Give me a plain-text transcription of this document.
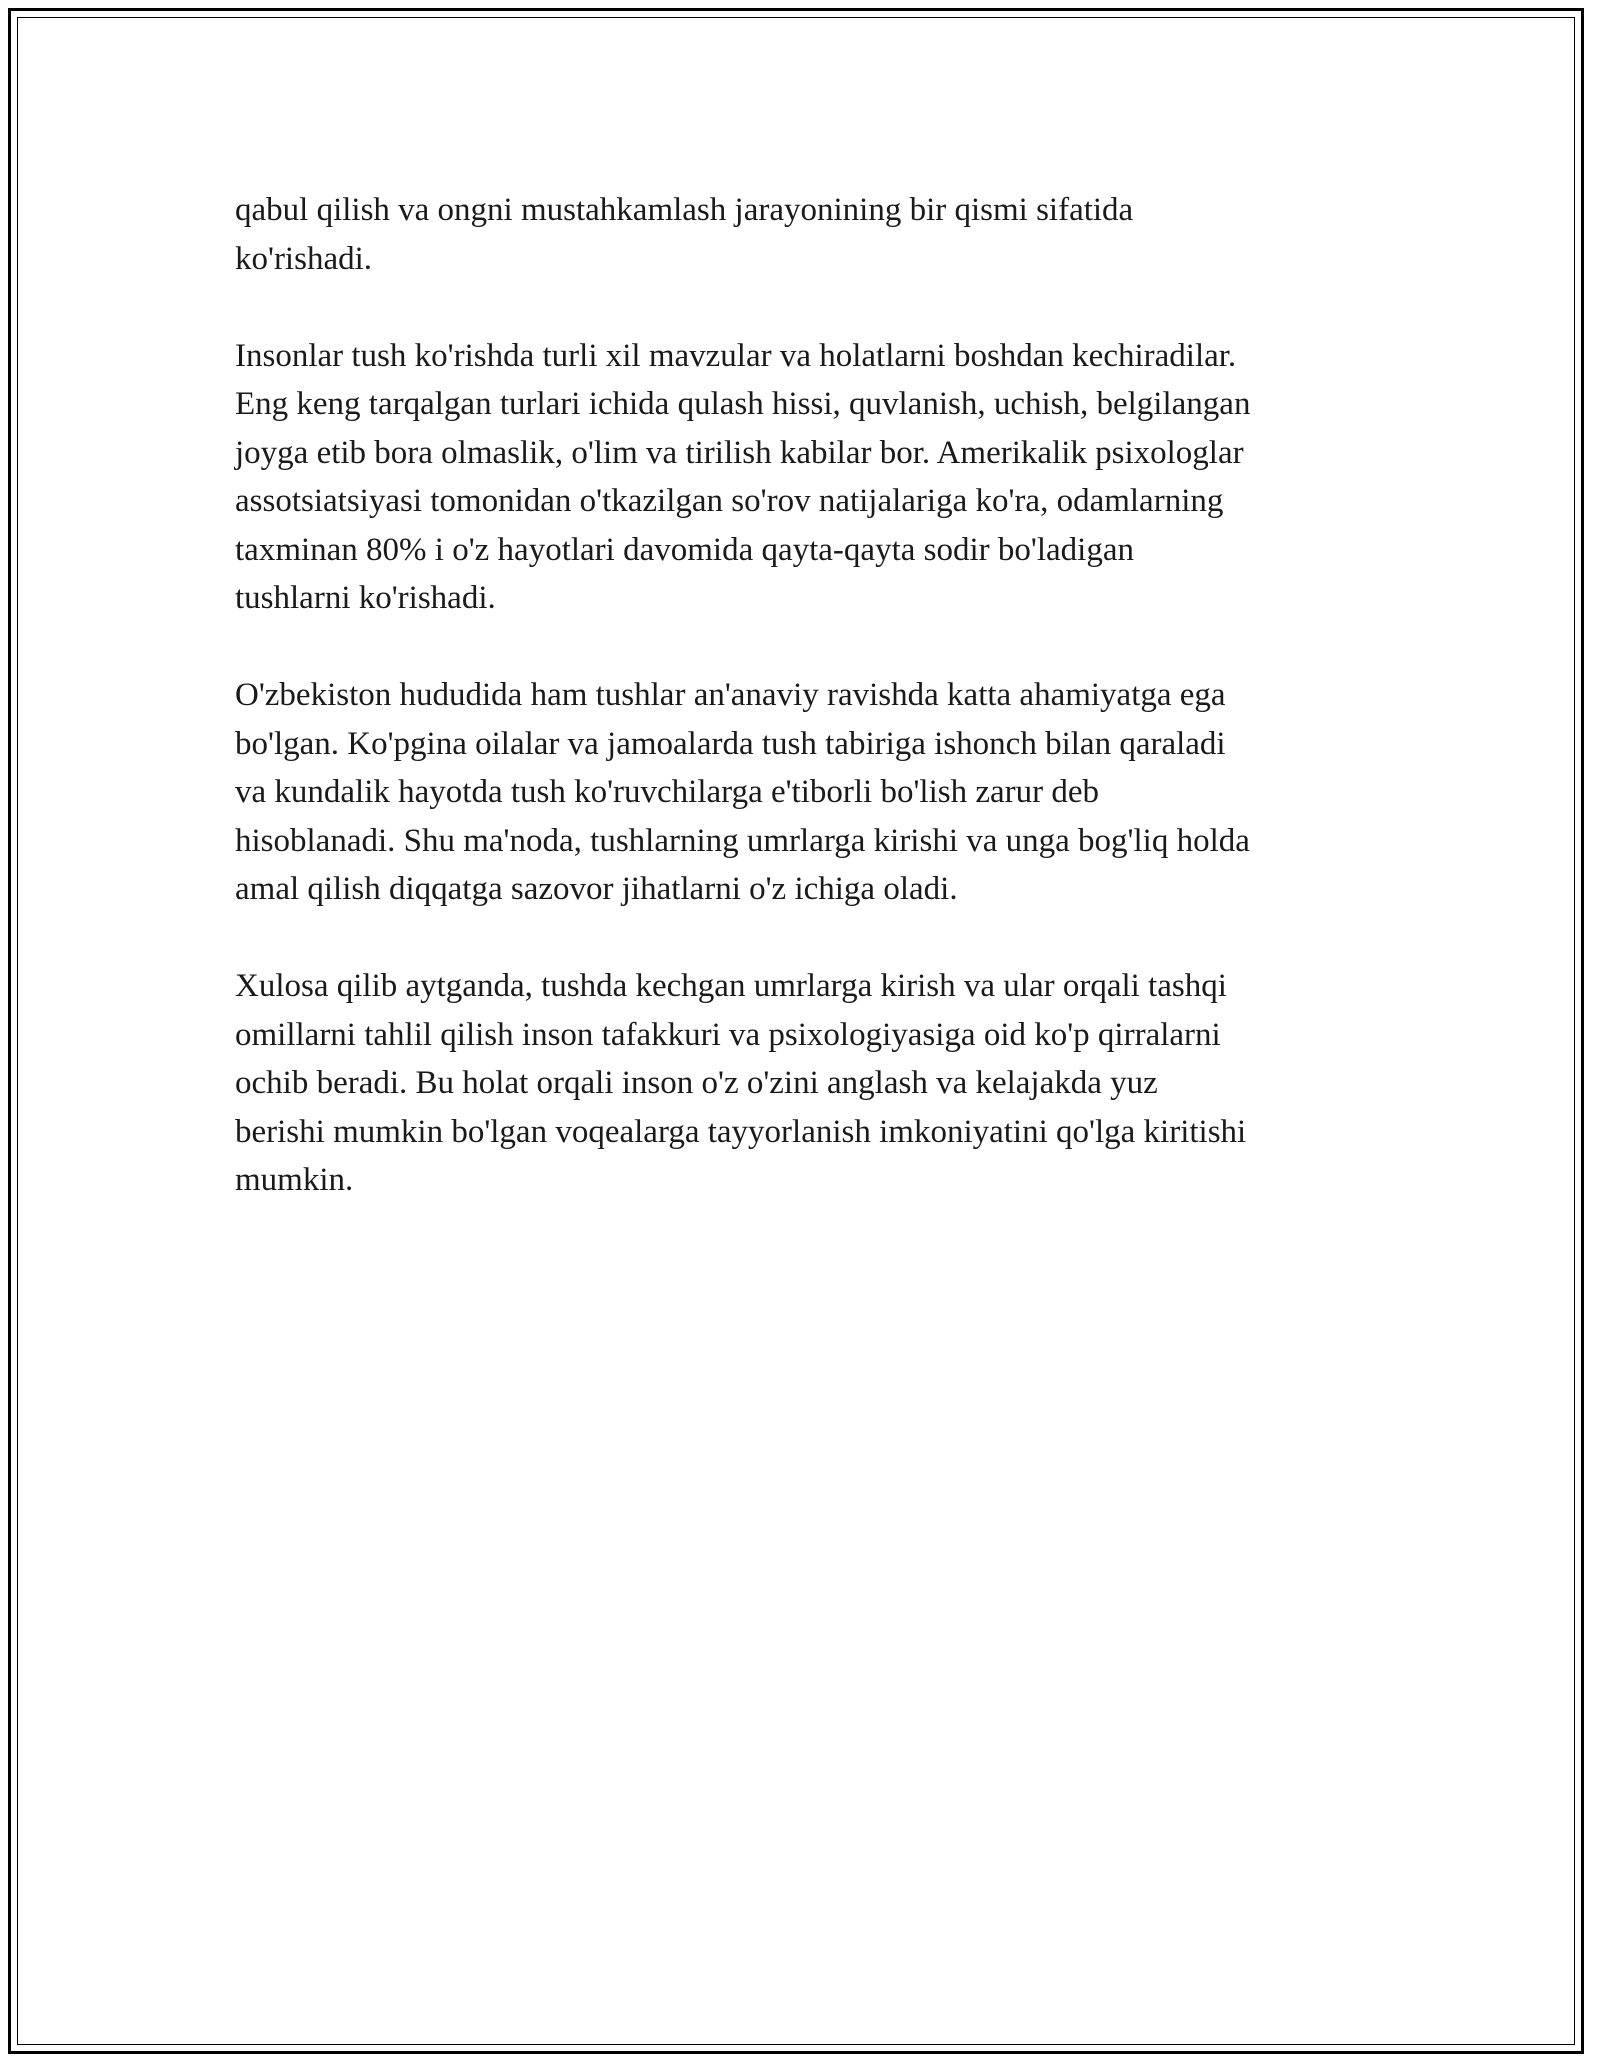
qabul qilish va ongni mustahkamlash jarayonining bir qismi sifatida
ko'rishadi.

Insonlar tush ko'rishda turli xil mavzular va holatlarni boshdan kechiradilar.
Eng keng tarqalgan turlari ichida qulash hissi, quvlanish, uchish, belgilangan
joyga etib bora olmaslik, o'lim va tirilish kabilar bor. Amerikalik psixologlar
assotsiatsiyasi tomonidan o'tkazilgan so'rov natijalariga ko'ra, odamlarning
taxminan 80% i o'z hayotlari davomida qayta-qayta sodir bo'ladigan
tushlarni ko'rishadi.

O'zbekiston hududida ham tushlar an'anaviy ravishda katta ahamiyatga ega
bo'lgan. Ko'pgina oilalar va jamoalarda tush tabiriga ishonch bilan qaraladi
va kundalik hayotda tush ko'ruvchilarga e'tiborli bo'lish zarur deb
hisoblanadi. Shu ma'noda, tushlarning umrlarga kirishi va unga bog'liq holda
amal qilish diqqatga sazovor jihatlarni o'z ichiga oladi.

Xulosa qilib aytganda, tushda kechgan umrlarga kirish va ular orqali tashqi
omillarni tahlil qilish inson tafakkuri va psixologiyasiga oid ko'p qirralarni
ochib beradi. Bu holat orqali inson o'z o'zini anglash va kelajakda yuz
berishi mumkin bo'lgan voqealarga tayyorlanish imkoniyatini qo'lga kiritishi
mumkin.
